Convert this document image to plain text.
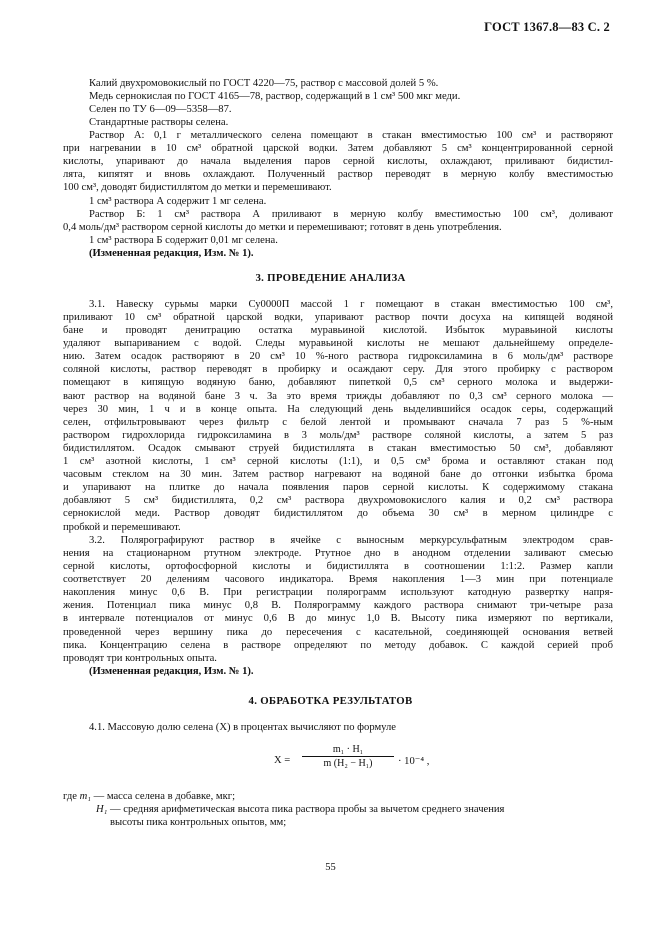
ГОСТ 1367.8—83 С. 2
Калий двухромовокислый по ГОСТ 4220—75, раствор с массовой долей 5 %.
Медь сернокислая по ГОСТ 4165—78, раствор, содержащий в 1 см³ 500 мкг меди.
Селен по ТУ 6—09—5358—87.
Стандартные растворы селена.
Раствор А: 0,1 г металлического селена помещают в стакан вместимостью 100 см³ и растворяют
при нагревании в 10 см³ обратной царской водки. Затем добавляют 5 см³ концентрированной серной
кислоты, упаривают до начала выделения паров серной кислоты, охлаждают, приливают бидистил-
лята, кипятят и вновь охлаждают. Полученный раствор переводят в мерную колбу вместимостью
100 см³, доводят бидистиллятом до метки и перемешивают.
1 см³ раствора А содержит 1 мг селена.
Раствор Б: 1 см³ раствора А приливают в мерную колбу вместимостью 100 см³, доливают
0,4 моль/дм³ раствором серной кислоты до метки и перемешивают; готовят в день употребления.
1 см³ раствора Б содержит 0,01 мг селена.
(Измененная редакция, Изм. № 1).
3. ПРОВЕДЕНИЕ АНАЛИЗА
3.1. Навеску сурьмы марки Су0000П массой 1 г помещают в стакан вместимостью 100 см³,
приливают 10 см³ обратной царской водки, упаривают раствор почти досуха на кипящей водяной
бане и проводят денитрацию остатка муравьиной кислотой. Избыток муравьиной кислоты
удаляют выпариванием с водой. Следы муравьиной кислоты не мешают дальнейшему определе-
нию. Затем осадок растворяют в 20 см³ 10 %-ного раствора гидроксиламина в 6 моль/дм³ растворе
соляной кислоты, раствор переводят в пробирку и осаждают серу. Для этого пробирку с раствором
помещают в кипящую водяную баню, добавляют пипеткой 0,5 см³ серного молока и выдержи-
вают раствор на водяной бане 3 ч. За это время трижды добавляют по 0,3 см³ серного молока —
через 30 мин, 1 ч и в конце опыта. На следующий день выделившийся осадок серы, содержащий
селен, отфильтровывают через фильтр с белой лентой и промывают сначала 7 раз 5 %-ным
раствором гидрохлорида гидроксиламина в 3 моль/дм³ растворе соляной кислоты, а затем 5 раз
бидистиллятом. Осадок смывают струей бидистиллята в стакан вместимостью 50 см³, добавляют
1 см³ азотной кислоты, 1 см³ серной кислоты (1:1), и 0,5 см³ брома и оставляют стакан под
часовым стеклом на 30 мин. Затем раствор нагревают на водяной бане до отгонки избытка брома
и упаривают на плитке до начала появления паров серной кислоты. К содержимому стакана
добавляют 5 см³ бидистиллята, 0,2 см³ раствора двухромовокислого калия и 0,2 см³ раствора
сернокислой меди. Раствор доводят бидистиллятом до объема 30 см³ в мерном цилиндре с
пробкой и перемешивают.
3.2. Полярографируют раствор в ячейке с выносным меркурсульфатным электродом срав-
нения на стационарном ртутном электроде. Ртутное дно в анодном отделении заливают смесью
серной кислоты, ортофосфорной кислоты и бидистиллята в соотношении 1:1:2. Размер капли
соответствует 20 делениям часового индикатора. Время накопления 1—3 мин при потенциале
накопления минус 0,6 В. При регистрации полярограмм используют катодную развертку напря-
жения. Потенциал пика минус 0,8 В. Полярограмму каждого раствора снимают три-четыре раза
в интервале потенциалов от минус 0,6 В до минус 1,0 В. Высоту пика измеряют по вертикали,
проведенной через вершину пика до пересечения с касательной, соединяющей основания ветвей
пика. Концентрацию селена в растворе определяют по методу добавок. С каждой серией проб
проводят три контрольных опыта.
(Измененная редакция, Изм. № 1).
4. ОБРАБОТКА РЕЗУЛЬТАТОВ
4.1. Массовую долю селена (X) в процентах вычисляют по формуле
X =
m₁ · H₁
m (H₂ − H₁)	· 10⁻⁴ ,
где m₁ — масса селена в добавке, мкг;
H₁ — средняя арифметическая высота пика раствора пробы за вычетом среднего значения
высоты пика контрольных опытов, мм;
55
